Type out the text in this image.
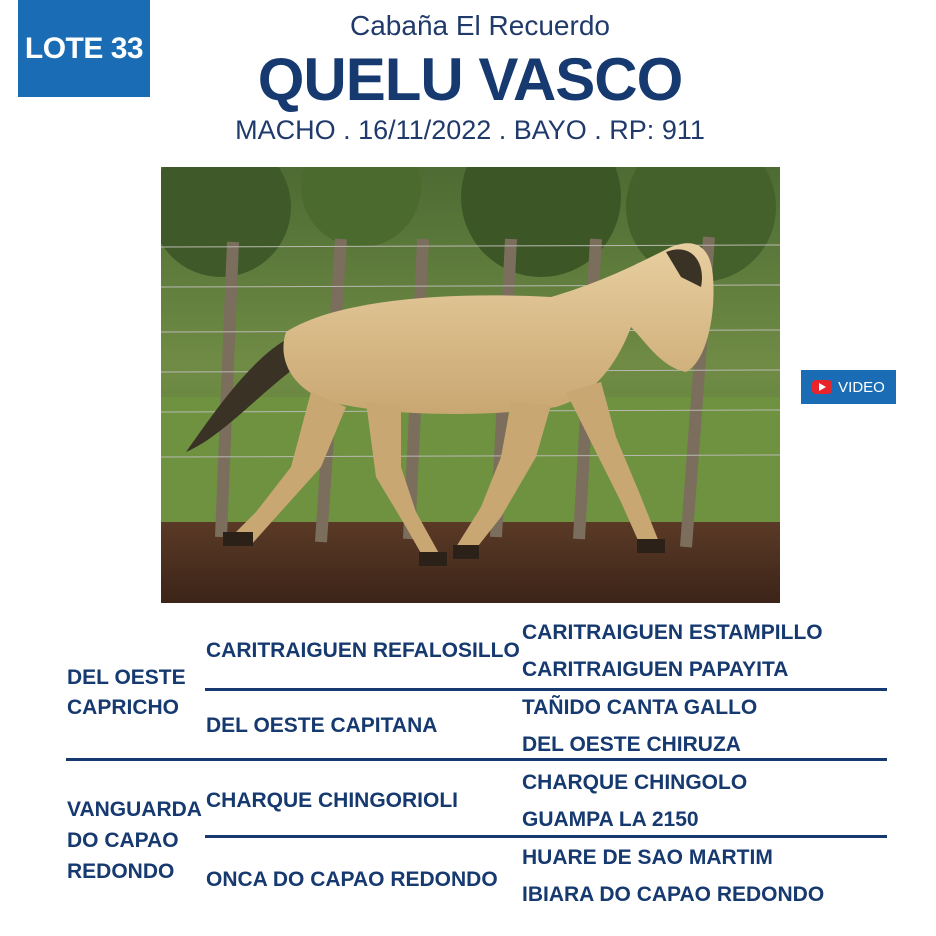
LOTE 33
Cabaña El Recuerdo
QUELU VASCO
MACHO . 16/11/2022 . BAYO . RP: 911
VIDEO
DEL OESTE
CAPRICHO
CARITRAIGUEN REFALOSILLO
DEL OESTE CAPITANA
CARITRAIGUEN ESTAMPILLO
CARITRAIGUEN PAPAYITA
TAÑIDO CANTA GALLO
DEL OESTE CHIRUZA
VANGUARDA
DO CAPAO
REDONDO
CHARQUE CHINGORIOLI
ONCA DO CAPAO REDONDO
CHARQUE CHINGOLO
GUAMPA LA 2150
HUARE DE SAO MARTIM
IBIARA DO CAPAO REDONDO
